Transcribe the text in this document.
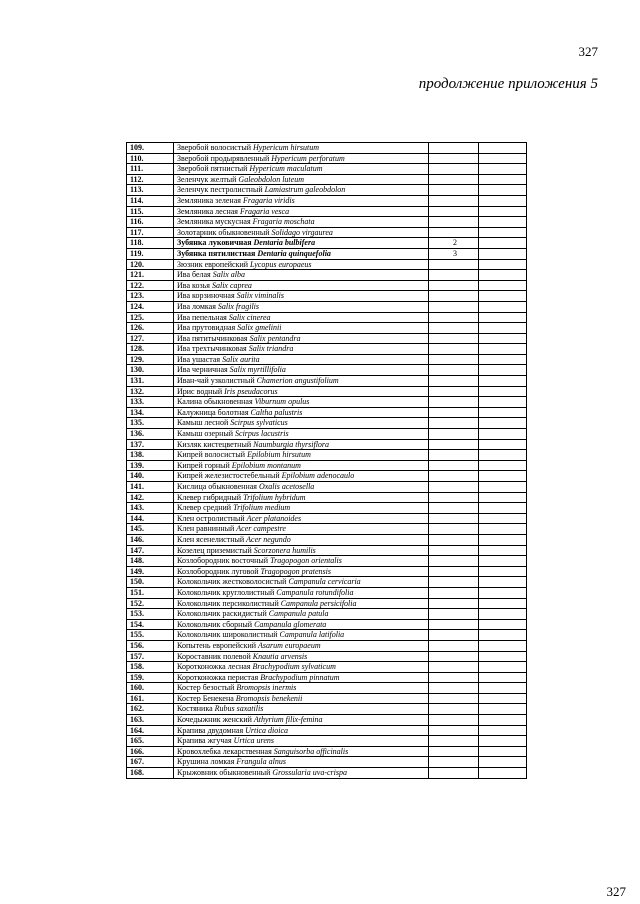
327
продолжение приложения 5
109.	Зверобой волосистый Hypericum hirsutum		
110.	Зверобой продырявленный Hypericum perforatum		
111.	Зверобой пятнистый Hypericum maculatum		
112.	Зеленчук желтый Galeobdolon luteum		
113.	Зеленчук пестролистный Lamiastrum galeobdolon		
114.	Земляника зеленая Fragaria viridis		
115.	Земляника лесная Fragaria vesca		
116.	Земляника мускусная Fragaria moschata		
117.	Золотарник обыкновенный Solidago virgaurea		
118.	Зубянка луковичная Dentaria bulbifera	2	
119.	Зубянка пятилистная Dentaria quinquefolia	3	
120.	Зюзник европейский Lycopus europaeus		
121.	Ива белая Salix alba		
122.	Ива козья Salix caprea		
123.	Ива корзиночная Salix viminalis		
124.	Ива ломкая Salix fragilis		
125.	Ива пепельная Salix cinerea		
126.	Ива прутовидная Salix gmelinii		
127.	Ива пятитычинковая Salix pentandra		
128.	Ива трехтычинковая Salix triandra		
129.	Ива ушастая Salix aurita		
130.	Ива черничная Salix myrtillifolia		
131.	Иван-чай узколистный Chamerion angustifolium		
132.	Ирис водный Iris pseudacorus		
133.	Калина обыкновенная Viburnum opulus		
134.	Калужница болотная Caltha palustris		
135.	Камыш лесной Scirpus sylvaticus		
136.	Камыш озерный Scirpus lacustris		
137.	Кизляк кистецветный Naumburgia thyrsiflora		
138.	Кипрей волосистый Epilobium hirsutum		
139.	Кипрей горный Epilobium montanum		
140.	Кипрей железистостебельный Epilobium adenocaulo		
141.	Кислица обыкновенная Oxalis acetosella		
142.	Клевер гибридный Trifolium hybridum		
143.	Клевер средний Trifolium medium		
144.	Клен остролистный Acer platanoides		
145.	Клен равнинный Acer campestre		
146.	Клен ясенелистный Acer negundo		
147.	Козелец приземистый Scorzonera humilis		
148.	Козлобородник восточный Tragopogon orientalis		
149.	Козлобородник луговой Tragopogon pratensis		
150.	Колокольчик жестковолосистый Campanula cervicaria		
151.	Колокольчик круглолистный Campanula rotundifolia		
152.	Колокольчик персиколистный Campanula persicifolia		
153.	Колокольчик раскидистый Campanula patula		
154.	Колокольчик сборный Campanula glomerata		
155.	Колокольчик широколистный Campanula latifolia		
156.	Копытень европейский Asarum europaeum		
157.	Короставник полевой Knautia arvensis		
158.	Коротконожка лесная Brachypodium sylvaticum		
159.	Коротконожка перистая Brachypodium pinnatum		
160.	Костер безостый Bromopsis inermis		
161.	Костер Бенекена Bromopsis benekenii		
162.	Костяника Rubus saxatilis		
163.	Кочедыжник женский Athyrium filix-femina		
164.	Крапива двудомная Urtica dioica		
165.	Крапива жгучая Urtica urens		
166.	Кровохлебка лекарственная Sanguisorba officinalis		
167.	Крушина ломкая Frangula alnus		
168.	Крыжовник обыкновенный Grossularia uva-crispa		
327
